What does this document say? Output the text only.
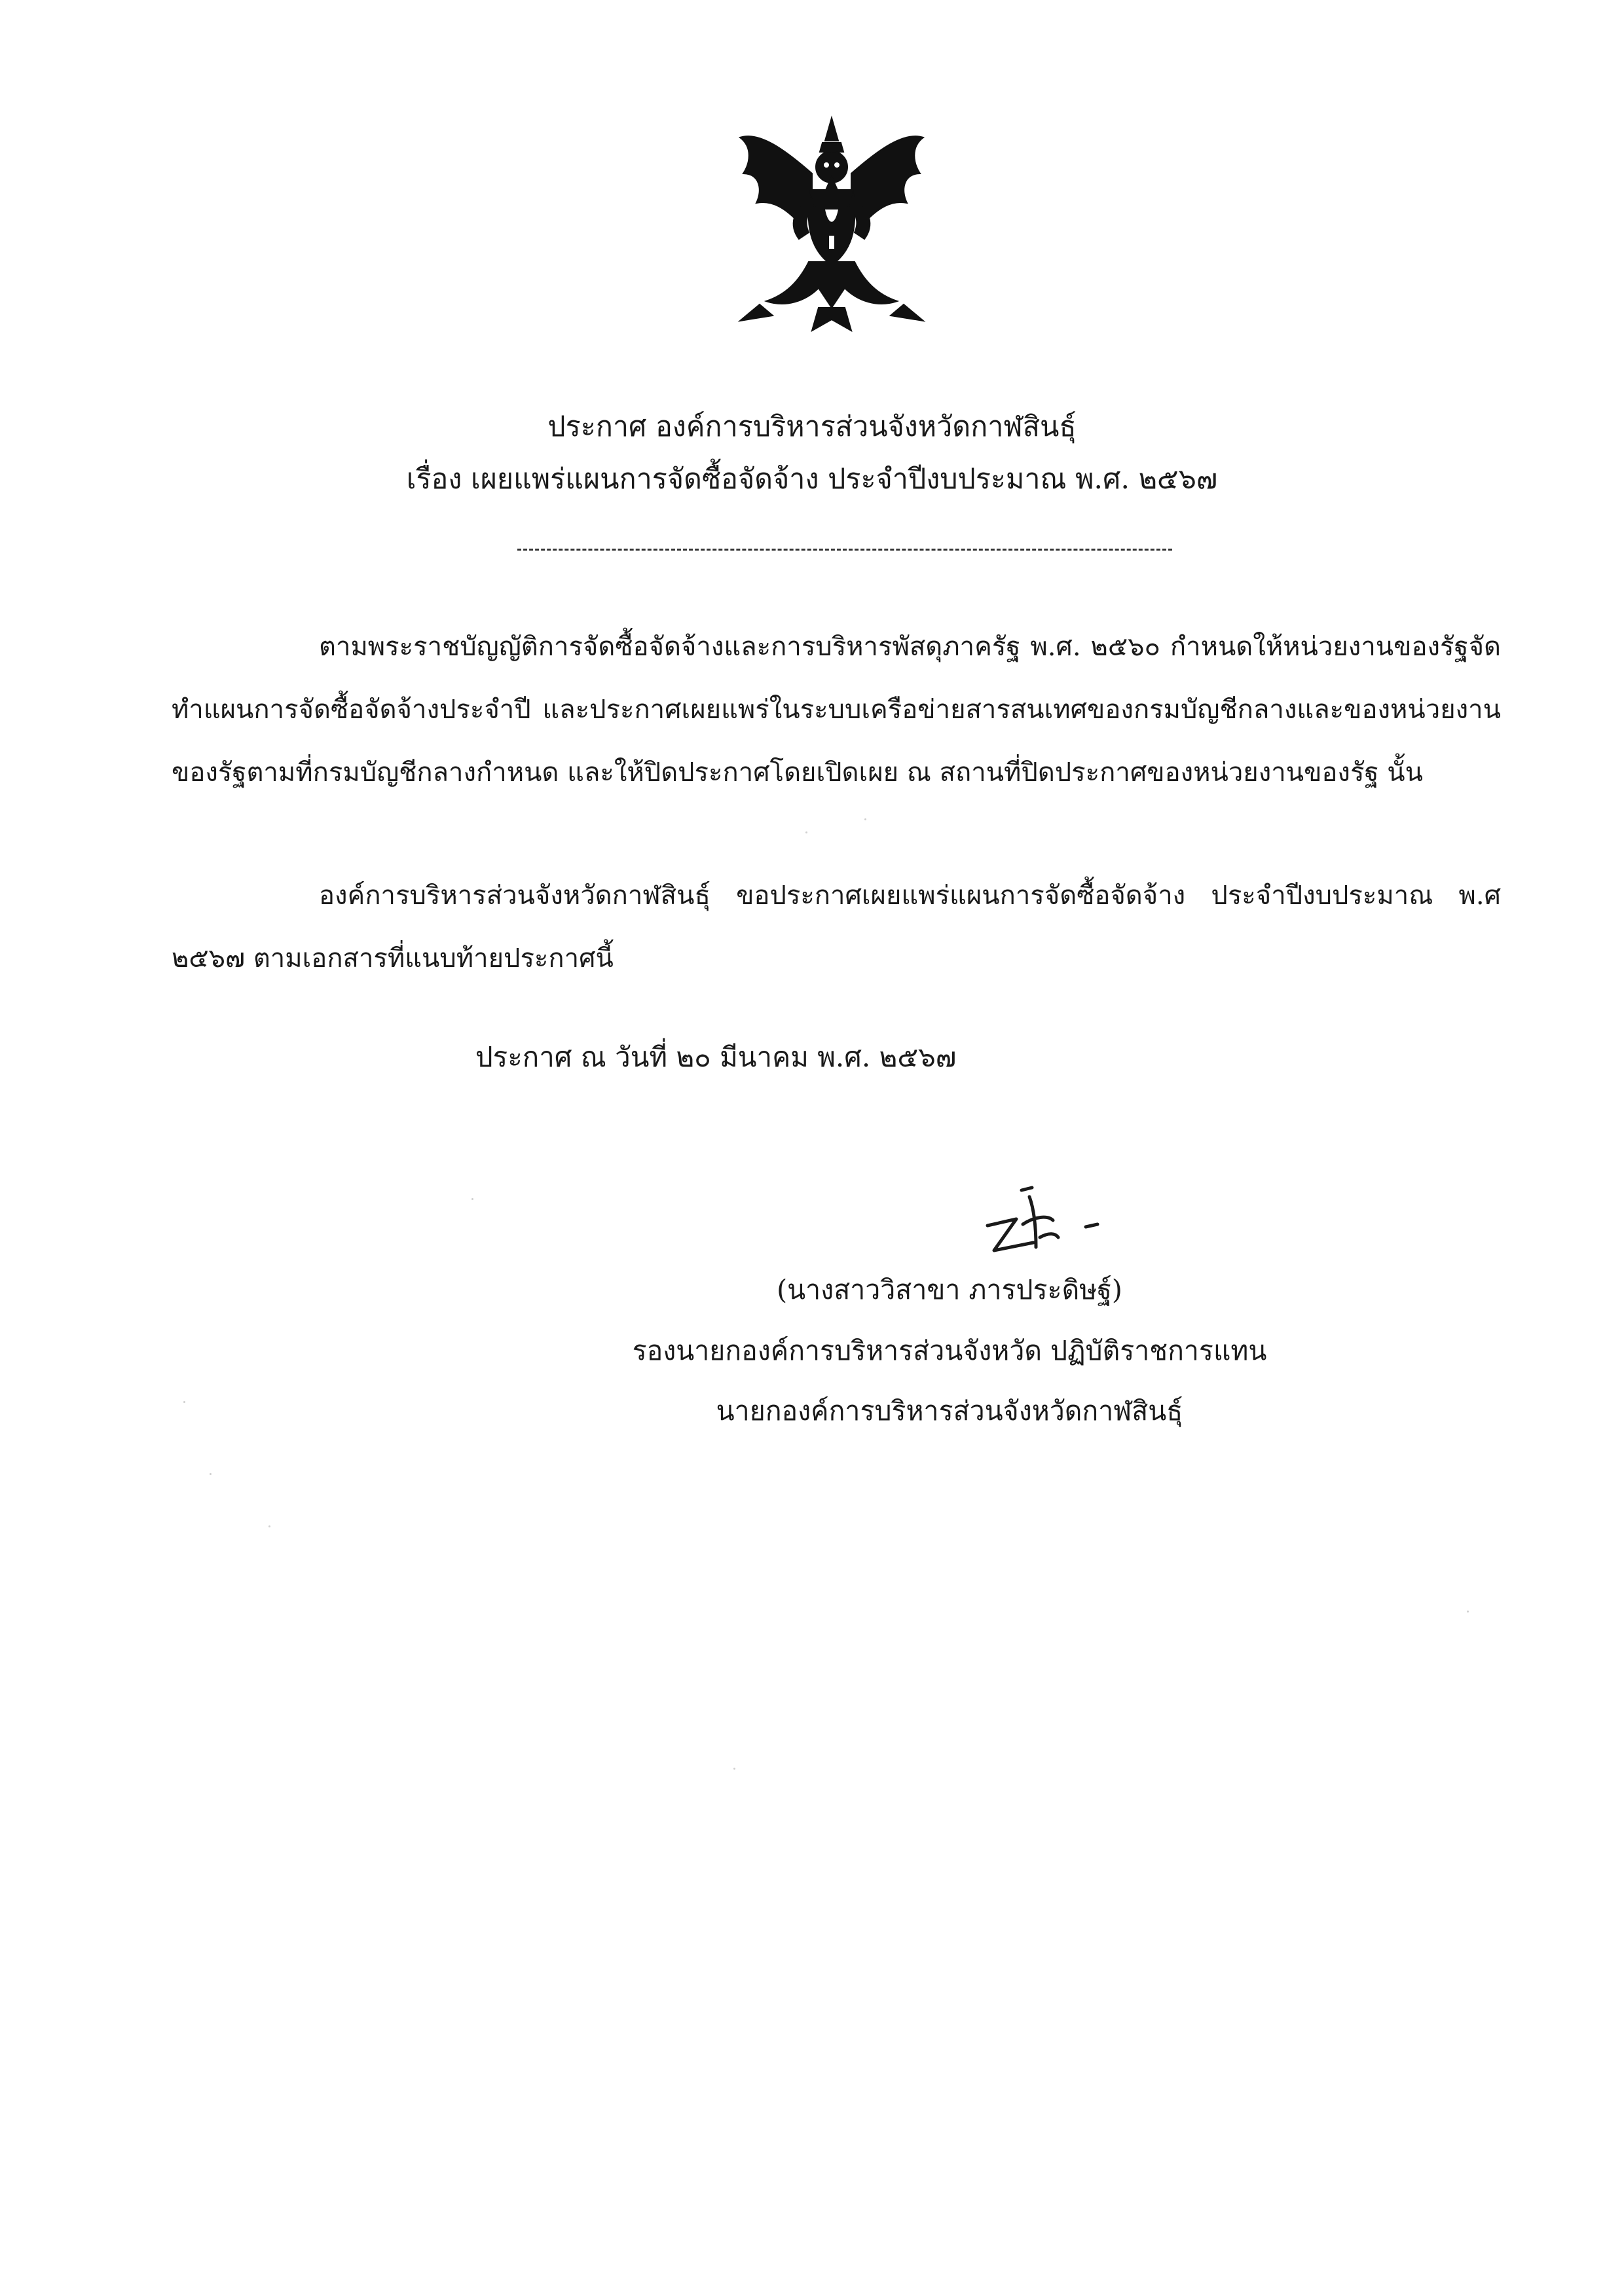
ประกาศ องค์การบริหารส่วนจังหวัดกาฬสินธุ์
เรื่อง เผยแพร่แผนการจัดซื้อจัดจ้าง ประจำปีงบประมาณ พ.ศ. ๒๕๖๗
ตามพระราชบัญญัติการจัดซื้อจัดจ้างและการบริหารพัสดุภาครัฐ พ.ศ. ๒๕๖๐ กำหนดให้หน่วยงานของรัฐจัดทำแผนการจัดซื้อจัดจ้างประจำปี และประกาศเผยแพร่ในระบบเครือข่ายสารสนเทศของกรมบัญชีกลางและของหน่วยงานของรัฐตามที่กรมบัญชีกลางกำหนด และให้ปิดประกาศโดยเปิดเผย ณ สถานที่ปิดประกาศของหน่วยงานของรัฐ นั้น
องค์การบริหารส่วนจังหวัดกาฬสินธุ์ ขอประกาศเผยแพร่แผนการจัดซื้อจัดจ้าง ประจำปีงบประมาณ พ.ศ ๒๕๖๗ ตามเอกสารที่แนบท้ายประกาศนี้
ประกาศ ณ วันที่ ๒๐ มีนาคม พ.ศ. ๒๕๖๗
(นางสาววิสาขา ภารประดิษฐ์)
รองนายกองค์การบริหารส่วนจังหวัด ปฏิบัติราชการแทน
นายกองค์การบริหารส่วนจังหวัดกาฬสินธุ์
